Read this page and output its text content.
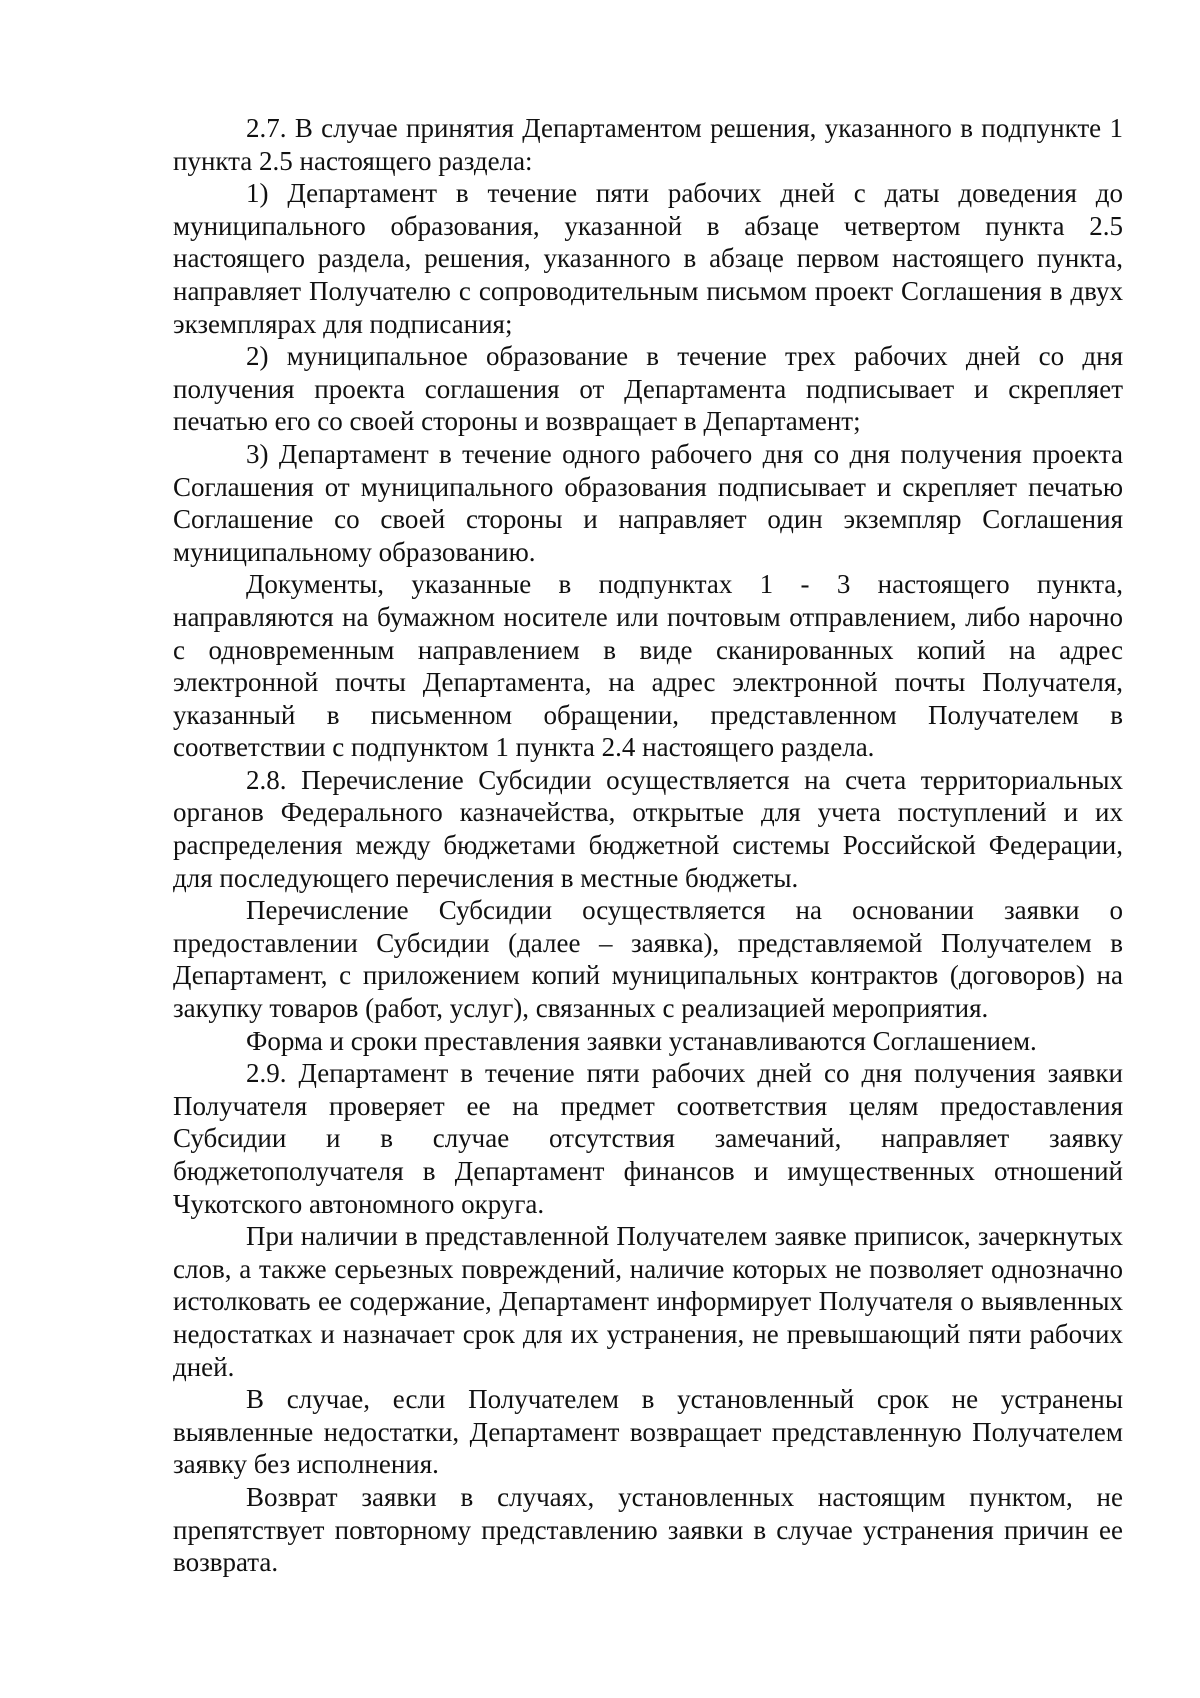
2.7. В случае принятия Департаментом решения, указанного в подпункте 1 пункта 2.5 настоящего раздела:

1) Департамент в течение пяти рабочих дней с даты доведения до муниципального образования, указанной в абзаце четвертом пункта 2.5 настоящего раздела, решения, указанного в абзаце первом настоящего пункта, направляет Получателю с сопроводительным письмом проект Соглашения в двух экземплярах для подписания;

2) муниципальное образование в течение трех рабочих дней со дня получения проекта соглашения от Департамента подписывает и скрепляет печатью его со своей стороны и возвращает в Департамент;

3) Департамент в течение одного рабочего дня со дня получения проекта Соглашения от муниципального образования подписывает и скрепляет печатью Соглашение со своей стороны и направляет один экземпляр Соглашения муниципальному образованию.

Документы, указанные в подпунктах 1 - 3 настоящего пункта, направляются на бумажном носителе или почтовым отправлением, либо нарочно с одновременным направлением в виде сканированных копий на адрес электронной почты Департамента, на адрес электронной почты Получателя, указанный в письменном обращении, представленном Получателем в соответствии с подпунктом 1 пункта 2.4 настоящего раздела.

2.8. Перечисление Субсидии осуществляется на счета территориальных органов Федерального казначейства, открытые для учета поступлений и их распределения между бюджетами бюджетной системы Российской Федерации, для последующего перечисления в местные бюджеты.

Перечисление Субсидии осуществляется на основании заявки о предоставлении Субсидии (далее – заявка), представляемой Получателем в Департамент, с приложением копий муниципальных контрактов (договоров) на закупку товаров (работ, услуг), связанных с реализацией мероприятия.

Форма и сроки преставления заявки устанавливаются Соглашением.

2.9. Департамент в течение пяти рабочих дней со дня получения заявки Получателя проверяет ее на предмет соответствия целям предоставления Субсидии и в случае отсутствия замечаний, направляет заявку бюджетополучателя в Департамент финансов и имущественных отношений Чукотского автономного округа.

При наличии в представленной Получателем заявке приписок, зачеркнутых слов, а также серьезных повреждений, наличие которых не позволяет однозначно истолковать ее содержание, Департамент информирует Получателя о выявленных недостатках и назначает срок для их устранения, не превышающий пяти рабочих дней.

В случае, если Получателем в установленный срок не устранены выявленные недостатки, Департамент возвращает представленную Получателем заявку без исполнения.

Возврат заявки в случаях, установленных настоящим пунктом, не препятствует повторному представлению заявки в случае устранения причин ее возврата.
